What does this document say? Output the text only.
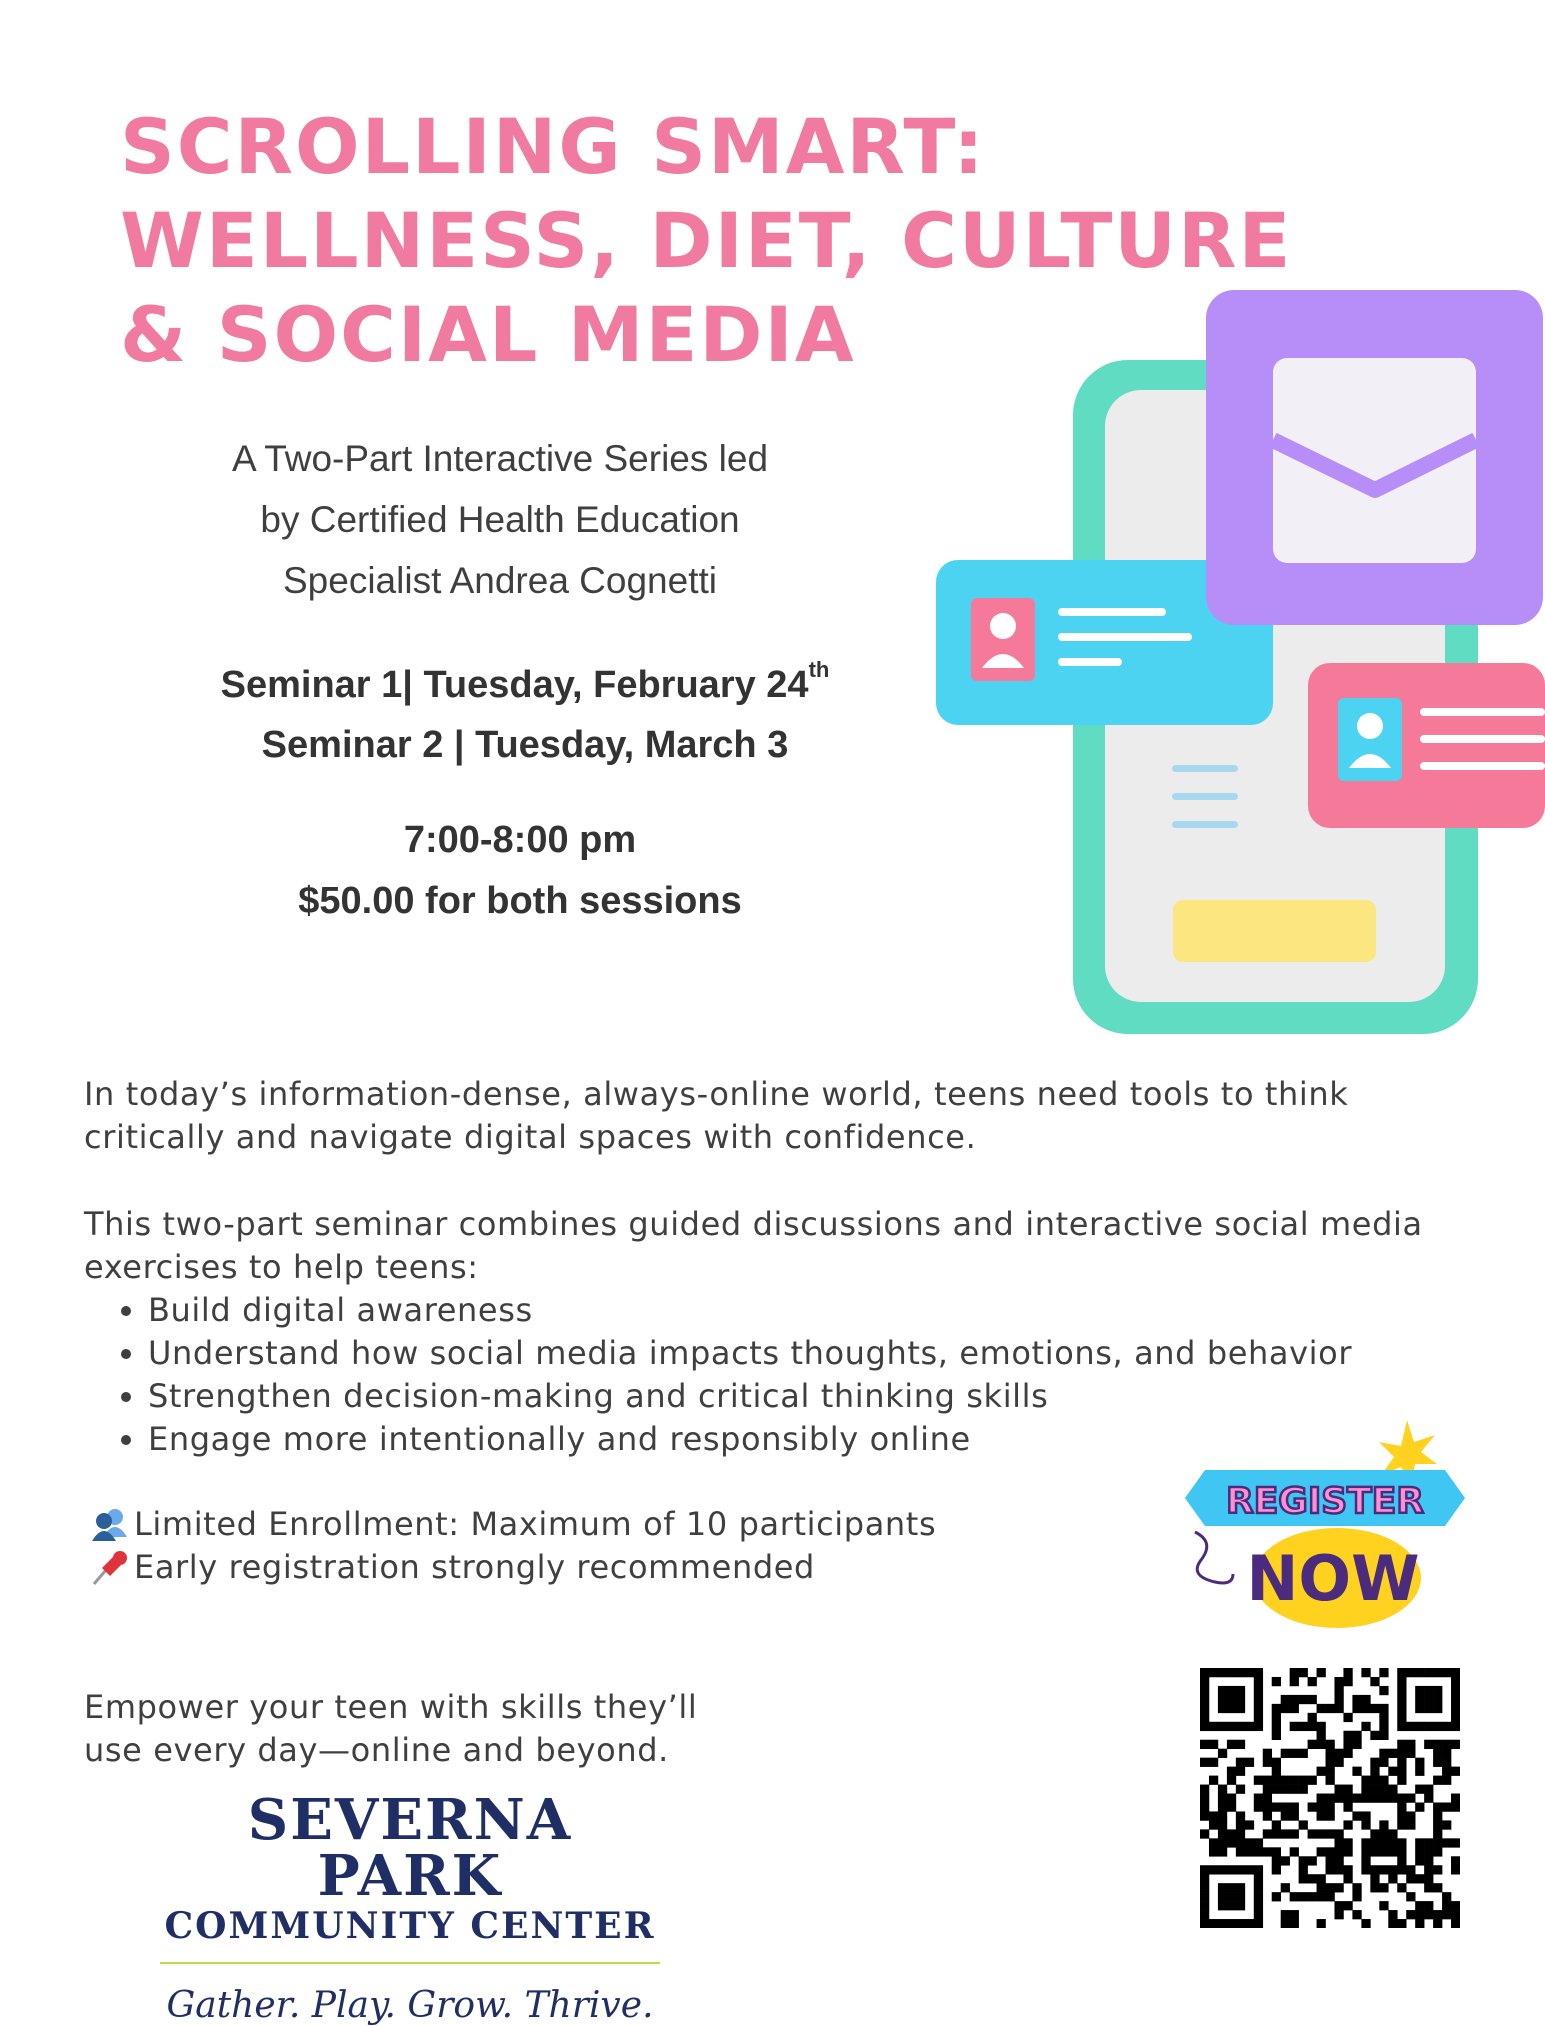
SCROLLING SMART:
WELLNESS, DIET, CULTURE
& SOCIAL MEDIA
A Two-Part Interactive Series led
by Certified Health Education
Specialist Andrea Cognetti
Seminar 1| Tuesday, February 24th
Seminar 2 | Tuesday, March 3
7:00-8:00 pm
$50.00 for both sessions

In today’s information-dense, always-online world, teens need tools to think critically and navigate digital spaces with confidence.

This two-part seminar combines guided discussions and interactive social media exercises to help teens:

• Build digital awareness
• Understand how social media impacts thoughts, emotions, and behavior
• Strengthen decision-making and critical thinking skills
• Engage more intentionally and responsibly online
Limited Enrollment: Maximum of 10 participants
Early registration strongly recommended
REGISTER
NOW
Empower your teen with skills they’ll
use every day—online and beyond.
SEVERNA PARK
COMMUNITY CENTER
Gather. Play. Grow. Thrive.
